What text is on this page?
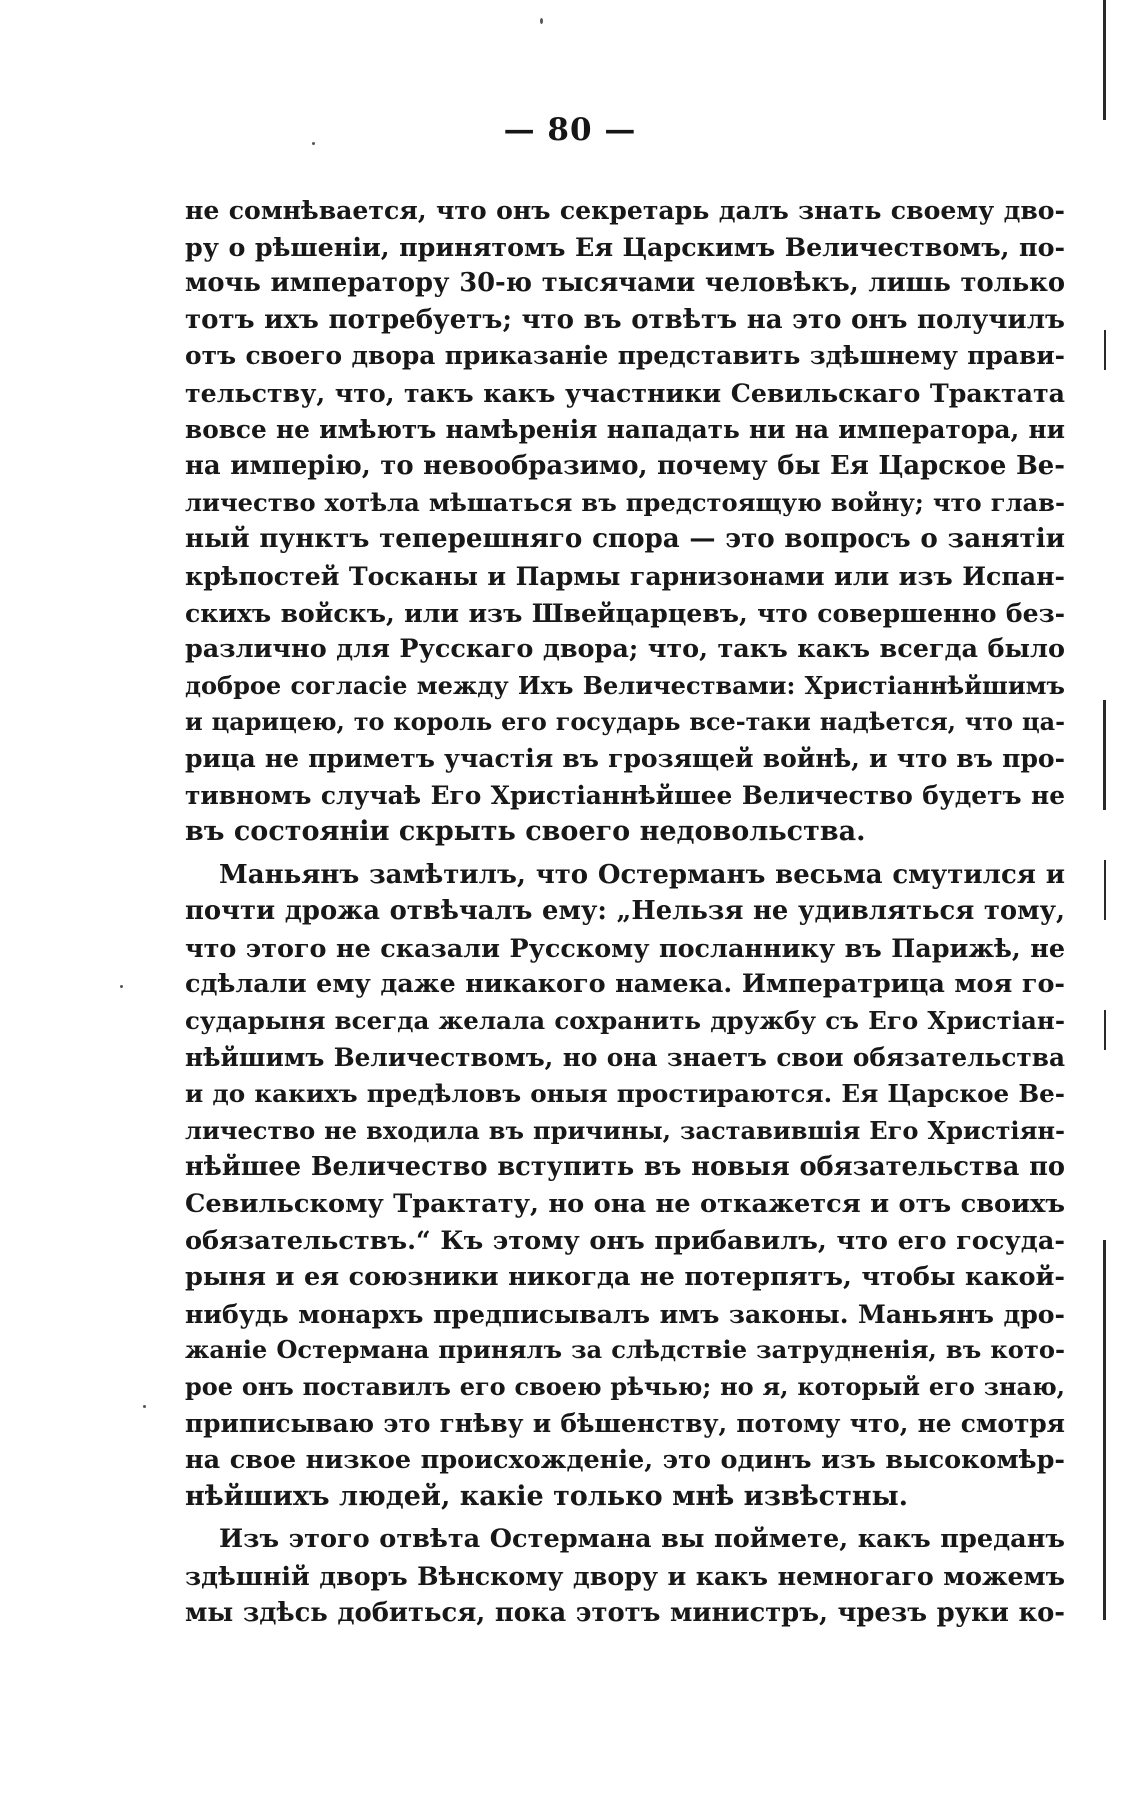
— 80 —
не сомнѣвается, что онъ секретарь далъ знать своему дво-
ру о рѣшеніи, принятомъ Ея Царскимъ Величествомъ, по-
мочь императору 30-ю тысячами человѣкъ, лишь только
тотъ ихъ потребуетъ; что въ отвѣтъ на это онъ получилъ
отъ своего двора приказаніе представить здѣшнему прави-
тельству, что, такъ какъ участники Севильскаго Трактата
вовсе не имѣютъ намѣренія нападать ни на императора, ни
на имперію, то невообразимо, почему бы Ея Царское Ве-
личество хотѣла мѣшаться въ предстоящую войну; что глав-
ный пунктъ теперешняго спора — это вопросъ о занятіи
крѣпостей Тосканы и Пармы гарнизонами или изъ Испан-
скихъ войскъ, или изъ Швейцарцевъ, что совершенно без-
различно для Русскаго двора; что, такъ какъ всегда было
доброе согласіе между Ихъ Величествами: Христіаннѣйшимъ
и царицею, то король его государь все-таки надѣется, что ца-
рица не приметъ участія въ грозящей войнѣ, и что въ про-
тивномъ случаѣ Его Христіаннѣйшее Величество будетъ не
въ состояніи скрыть своего недовольства.
Маньянъ замѣтилъ, что Остерманъ весьма смутился и
почти дрожа отвѣчалъ ему: „Нельзя не удивляться тому,
что этого не сказали Русскому посланнику въ Парижѣ, не
сдѣлали ему даже никакого намека. Императрица моя го-
сударыня всегда желала сохранить дружбу съ Его Христіан-
нѣйшимъ Величествомъ, но она знаетъ свои обязательства
и до какихъ предѣловъ оныя простираются. Ея Царское Ве-
личество не входила въ причины, заставившія Его Христіян-
нѣйшее Величество вступить въ новыя обязательства по
Севильскому Трактату, но она не откажется и отъ своихъ
обязательствъ.“ Къ этому онъ прибавилъ, что его госуда-
рыня и ея союзники никогда не потерпятъ, чтобы какой-
нибудь монархъ предписывалъ имъ законы. Маньянъ дро-
жаніе Остермана принялъ за слѣдствіе затрудненія, въ кото-
рое онъ поставилъ его своею рѣчью; но я, который его знаю,
приписываю это гнѣву и бѣшенству, потому что, не смотря
на свое низкое происхожденіе, это одинъ изъ высокомѣр-
нѣйшихъ людей, какіе только мнѣ извѣстны.
Изъ этого отвѣта Остермана вы поймете, какъ преданъ
здѣшній дворъ Вѣнскому двору и какъ немногаго можемъ
мы здѣсь добиться, пока этотъ министръ, чрезъ руки ко-
